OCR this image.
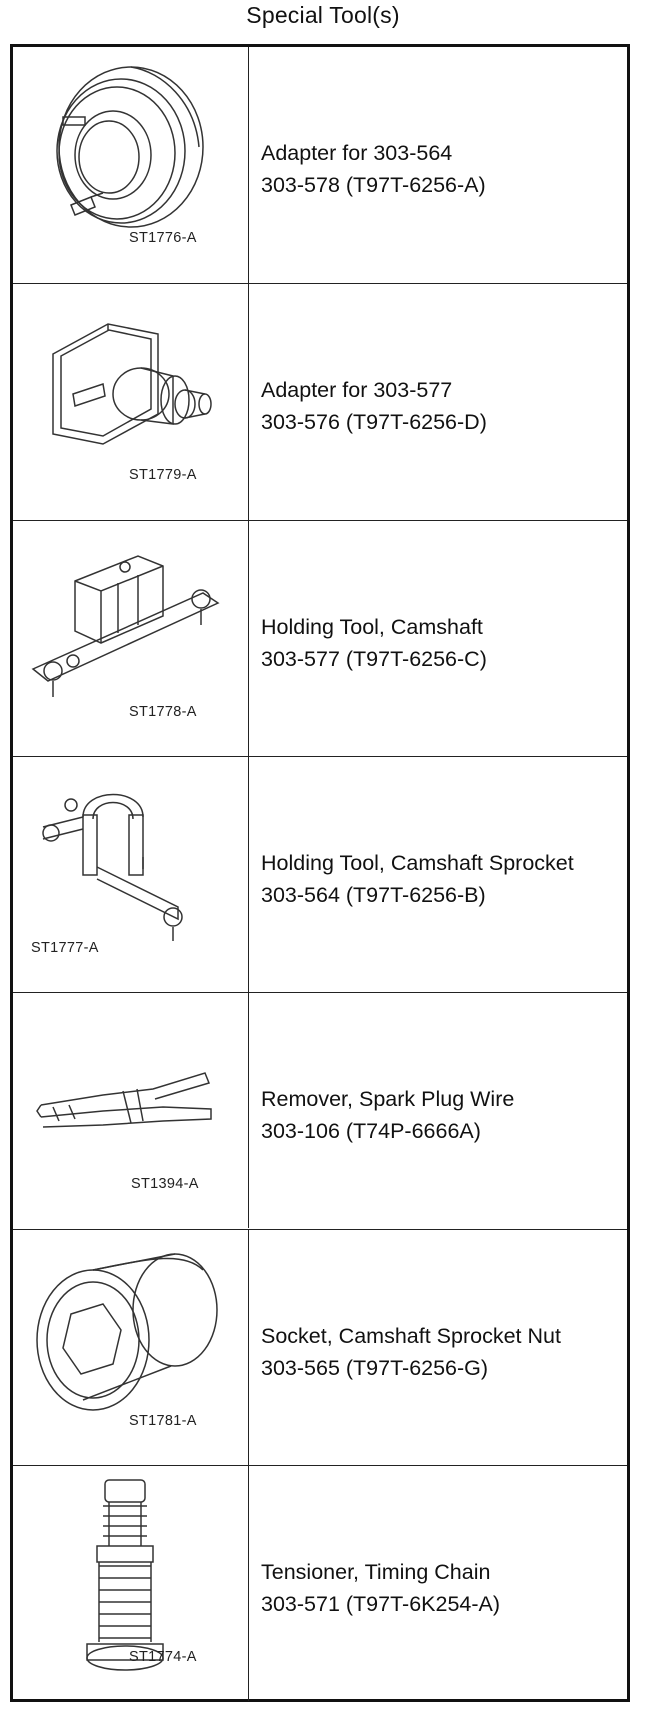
Special Tool(s)
ST1776-A
Adapter for 303-564
303-578 (T97T-6256-A)
ST1779-A
Adapter for 303-577
303-576 (T97T-6256-D)
ST1778-A
Holding Tool, Camshaft
303-577 (T97T-6256-C)
ST1777-A
Holding Tool, Camshaft Sprocket
303-564 (T97T-6256-B)
ST1394-A
Remover, Spark Plug Wire
303-106 (T74P-6666A)
ST1781-A
Socket, Camshaft Sprocket Nut
303-565 (T97T-6256-G)
ST1774-A
Tensioner, Timing Chain
303-571 (T97T-6K254-A)
